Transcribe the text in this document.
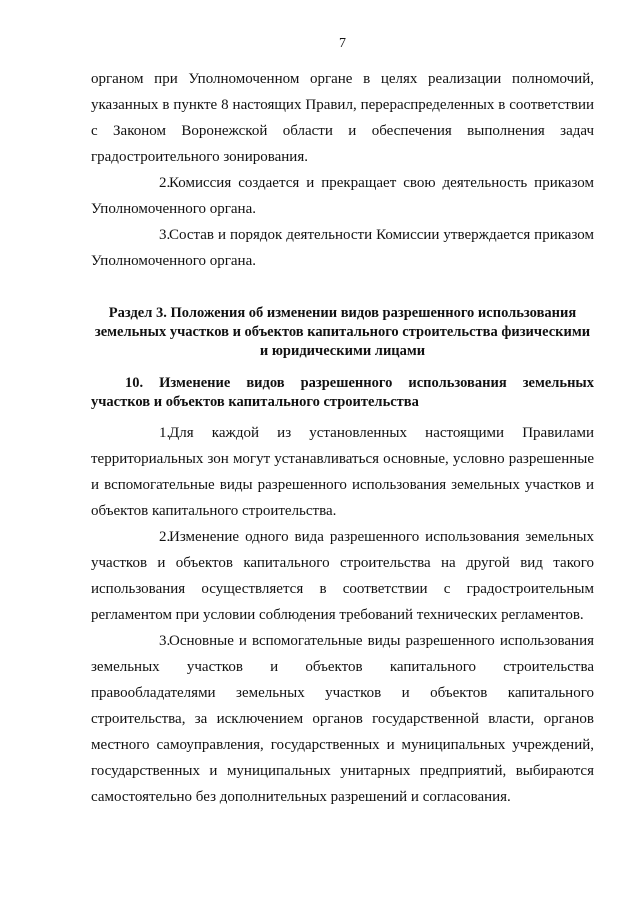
7

органом при Уполномоченном органе в целях реализации полномочий, указанных в пункте 8 настоящих Правил, перераспределенных в соответствии с Законом Воронежской области и обеспечения выполнения задач градостроительного зонирования.

2.Комиссия создается и прекращает свою деятельность приказом Уполномоченного органа.

3.Состав и порядок деятельности Комиссии утверждается приказом Уполномоченного органа.

Раздел 3. Положения об изменении видов разрешенного использования земельных участков и объектов капитального строительства физическими и юридическими лицами

10. Изменение видов разрешенного использования земельных участков и объектов капитального строительства

1.Для каждой из установленных настоящими Правилами территориальных зон могут устанавливаться основные, условно разрешенные и вспомогательные виды разрешенного использования земельных участков и объектов капитального строительства.

2.Изменение одного вида разрешенного использования земельных участков и объектов капитального строительства на другой вид такого использования осуществляется в соответствии с градостроительным регламентом при условии соблюдения требований технических регламентов.

3.Основные и вспомогательные виды разрешенного использования земельных участков и объектов капитального строительства правообладателями земельных участков и объектов капитального строительства, за исключением органов государственной власти, органов местного самоуправления, государственных и муниципальных учреждений, государственных и муниципальных унитарных предприятий, выбираются самостоятельно без дополнительных разрешений и согласования.
